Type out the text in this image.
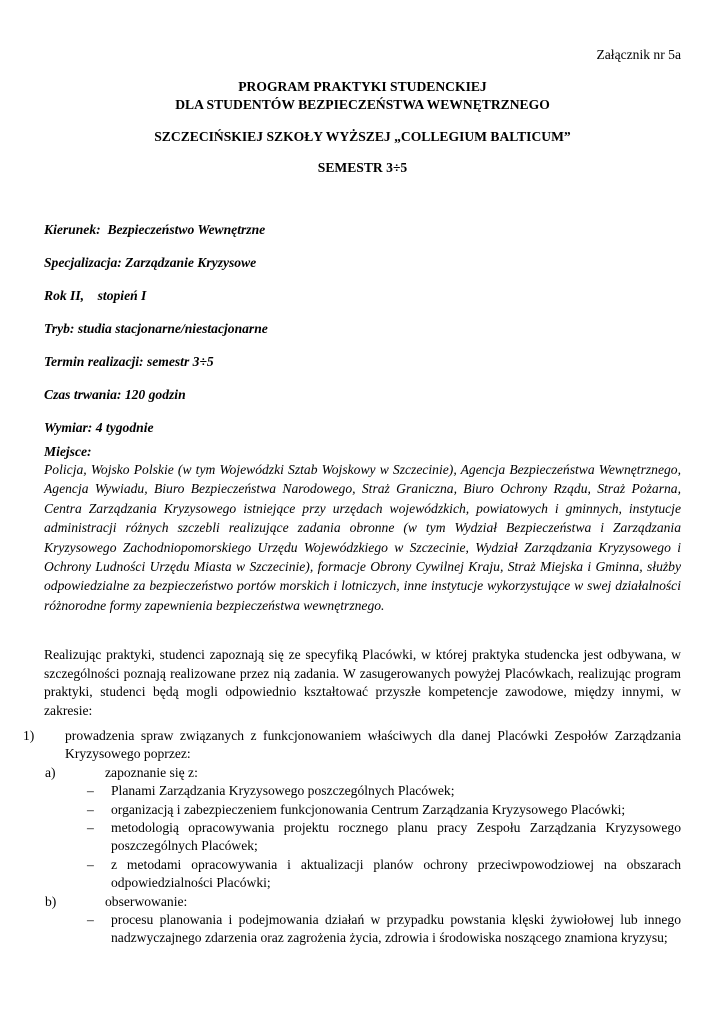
Załącznik nr 5a
PROGRAM PRAKTYKI STUDENCKIEJ
DLA STUDENTÓW BEZPIECZEŃSTWA WEWNĘTRZNEGO
SZCZECIŃSKIEJ SZKOŁY WYŻSZEJ „COLLEGIUM BALTICUM”
SEMESTR 3÷5
Kierunek:  Bezpieczeństwo Wewnętrzne
Specjalizacja: Zarządzanie Kryzysowe
Rok II,    stopień I
Tryb: studia stacjonarne/niestacjonarne
Termin realizacji: semestr 3÷5
Czas trwania: 120 godzin
Wymiar: 4 tygodnie
Miejsce:
Policja, Wojsko Polskie (w tym Wojewódzki Sztab Wojskowy w Szczecinie), Agencja Bezpieczeństwa Wewnętrznego, Agencja Wywiadu, Biuro Bezpieczeństwa Narodowego, Straż Graniczna, Biuro Ochrony Rządu, Straż Pożarna, Centra Zarządzania Kryzysowego istniejące przy urzędach wojewódzkich, powiatowych i gminnych, instytucje administracji różnych szczebli realizujące zadania obronne (w tym Wydział Bezpieczeństwa i Zarządzania Kryzysowego Zachodniopomorskiego Urzędu Wojewódzkiego w Szczecinie, Wydział Zarządzania Kryzysowego i Ochrony Ludności Urzędu Miasta w Szczecinie), formacje Obrony Cywilnej Kraju, Straż Miejska i Gminna, służby odpowiedzialne za bezpieczeństwo portów morskich i lotniczych, inne instytucje wykorzystujące w swej działalności różnorodne formy zapewnienia bezpieczeństwa wewnętrznego.
Realizując praktyki, studenci zapoznają się ze specyfiką Placówki, w której praktyka studencka jest odbywana, w szczególności poznają realizowane przez nią zadania. W zasugerowanych powyżej Placówkach, realizując program praktyki, studenci będą mogli odpowiednio kształtować przyszłe kompetencje zawodowe, między innymi, w zakresie:
1) prowadzenia spraw związanych z funkcjonowaniem właściwych dla danej Placówki Zespołów Zarządzania Kryzysowego poprzez:
a)	zapoznanie się z:
– Planami Zarządzania Kryzysowego poszczególnych Placówek;
– organizacją i zabezpieczeniem funkcjonowania Centrum Zarządzania Kryzysowego Placówki;
– metodologią opracowywania projektu rocznego planu pracy Zespołu Zarządzania Kryzysowego poszczególnych Placówek;
– z metodami opracowywania i aktualizacji planów ochrony przeciwpowodziowej na obszarach odpowiedzialności Placówki;
b)	obserwowanie:
– procesu planowania i podejmowania działań w przypadku powstania klęski żywiołowej lub innego nadzwyczajnego zdarzenia oraz zagrożenia życia, zdrowia i środowiska noszącego znamiona kryzysu;
